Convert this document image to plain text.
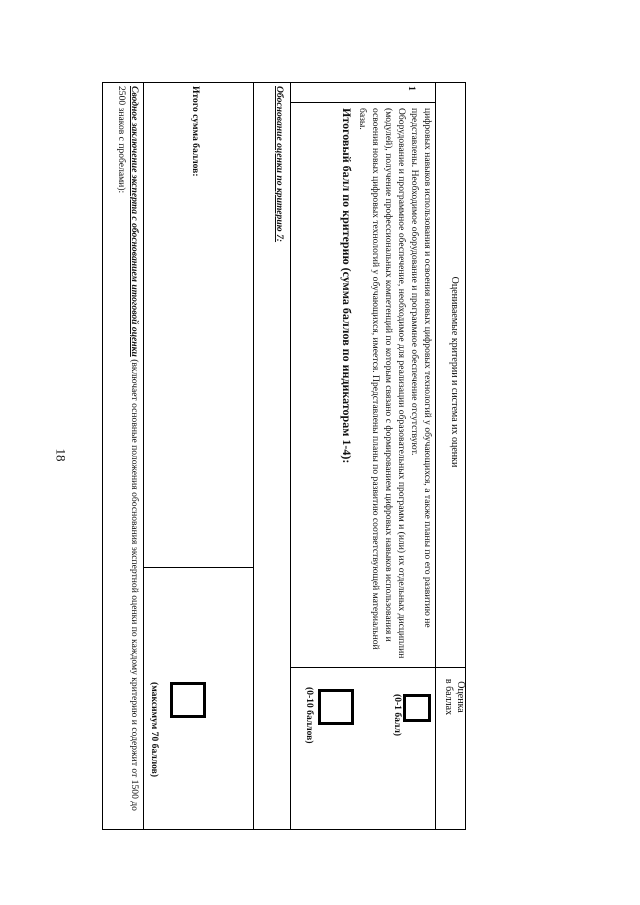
18	Оцениваемые критерии и система их оценки
Оценка
в баллах
1
цифровых навыков использования и освоения новых цифровых технологий у обучающихся, а также планы по его развитию не представлены. Необходимое оборудование и программное обеспечение отсутствуют.
Оборудование и программное обеспечение, необходимое для реализации образовательных программ и (или) их отдельных дисциплин (модулей), получение профессиональных компетенций по которым связано с формированием цифровых навыков использования и освоения новых цифровых технологий у обучающихся, имеется. Представлены планы по развитию соответствующей материальной базы.
(0-1 балл)
Итоговый балл по критерию (сумма баллов по индикаторам 1-4):
(0-10 баллов)
Обоснование оценки по критерию 7:
Итого сумма баллов:
(максимум 70 баллов)
Сводное заключение эксперта с обоснованием итоговой оценки (включает основные положения обоснования экспертной оценки по каждому критерию и содержит от 1500 до 2500 знаков с пробелами):
